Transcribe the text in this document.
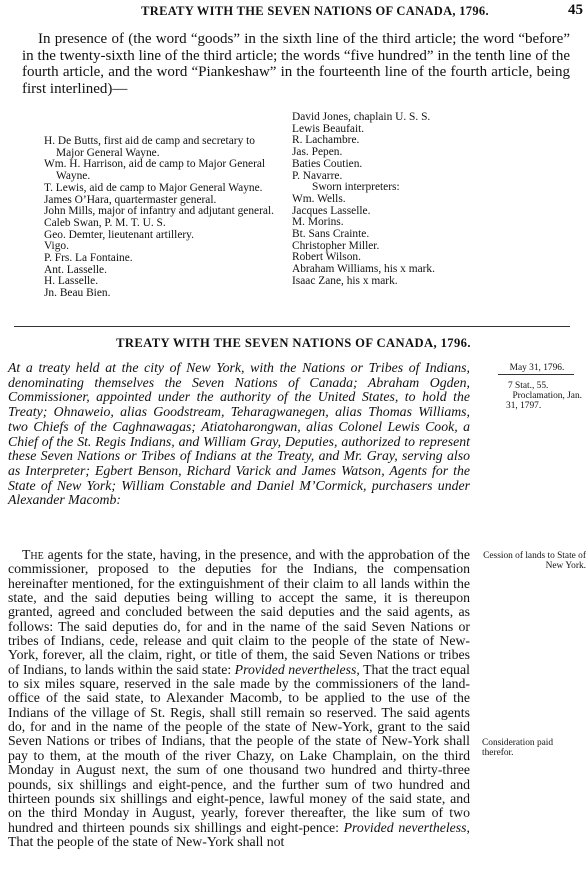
TREATY WITH THE SEVEN NATIONS OF CANADA, 1796.	45

In presence of (the word “goods” in the sixth line of the third article; the word “before” in the twenty-sixth line of the third article; the words “five hundred” in the tenth line of the fourth article, and the word “Piankeshaw” in the fourteenth line of the fourth article, being first interlined)—

H. De Butts, first aid de camp and secretary to Major General Wayne.

Wm. H. Harrison, aid de camp to Major General Wayne.

T. Lewis, aid de camp to Major General Wayne.

James O’Hara, quartermaster general.

John Mills, major of infantry and adjutant general.

Caleb Swan, P. M. T. U. S.

Geo. Demter, lieutenant artillery.

Vigo.

P. Frs. La Fontaine.

Ant. Lasselle.

H. Lasselle.

Jn. Beau Bien.

David Jones, chaplain U. S. S.

Lewis Beaufait.

R. Lachambre.

Jas. Pepen.

Baties Coutien.

P. Navarre.

Sworn interpreters:

Wm. Wells.

Jacques Lasselle.

M. Morins.

Bt. Sans Crainte.

Christopher Miller.

Robert Wilson.

Abraham Williams, his x mark.

Isaac Zane, his x mark.

TREATY WITH THE SEVEN NATIONS OF CANADA, 1796.

At a treaty held at the city of New York, with the Nations or Tribes of Indians, denominating themselves the Seven Nations of Canada; Abraham Ogden, Commissioner, appointed under the authority of the United States, to hold the Treaty; Ohnaweio, alias Goodstream, Teharagwanegen, alias Thomas Williams, two Chiefs of the Caghnawagas; Atiatoharongwan, alias Colonel Lewis Cook, a Chief of the St. Regis Indians, and William Gray, Deputies, authorized to represent these Seven Nations or Tribes of Indians at the Treaty, and Mr. Gray, serving also as Interpreter; Egbert Benson, Richard Varick and James Watson, Agents for the State of New York; William Constable and Daniel M’Cormick, purchasers under Alexander Macomb:

The agents for the state, having, in the presence, and with the approbation of the commissioner, proposed to the deputies for the Indians, the compensation hereinafter mentioned, for the extinguishment of their claim to all lands within the state, and the said deputies being willing to accept the same, it is thereupon granted, agreed and concluded between the said deputies and the said agents, as follows: The said deputies do, for and in the name of the said Seven Nations or tribes of Indians, cede, release and quit claim to the people of the state of New-York, forever, all the claim, right, or title of them, the said Seven Nations or tribes of Indians, to lands within the said state: Provided nevertheless, That the tract equal to six miles square, reserved in the sale made by the commissioners of the land-office of the said state, to Alexander Macomb, to be applied to the use of the Indians of the village of St. Regis, shall still remain so reserved. The said agents do, for and in the name of the people of the state of New-York, grant to the said Seven Nations or tribes of Indians, that the people of the state of New-York shall pay to them, at the mouth of the river Chazy, on Lake Champlain, on the third Monday in August next, the sum of one thousand two hundred and thirty-three pounds, six shillings and eight-pence, and the further sum of two hundred and thirteen pounds six shillings and eight-pence, lawful money of the said state, and on the third Monday in August, yearly, forever thereafter, the like sum of two hundred and thirteen pounds six shillings and eight-pence: Provided nevertheless, That the people of the state of New-York shall not

May 31, 1796.
7 Stat., 55.
Proclamation, Jan.
31, 1797.
Cession of lands to State of New York.
Consideration paid therefor.
